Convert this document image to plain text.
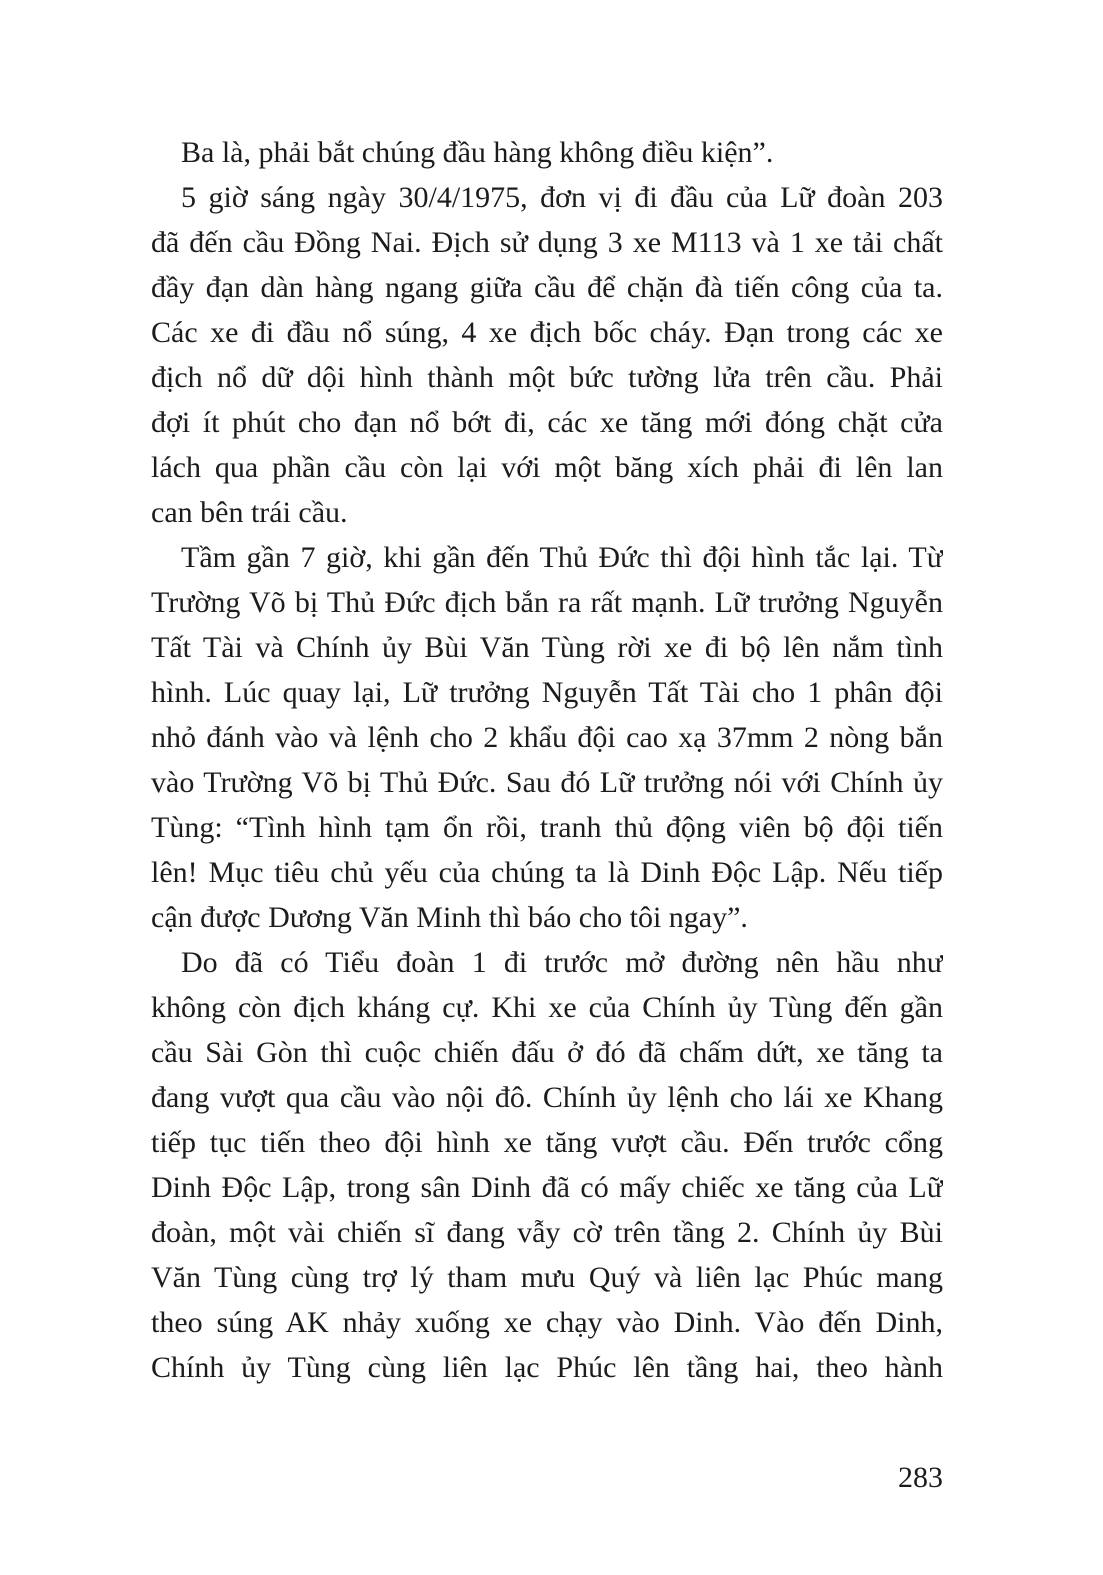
Ba là, phải bắt chúng đầu hàng không điều kiện”.
5 giờ sáng ngày 30/4/1975, đơn vị đi đầu của Lữ đoàn 203
đã đến cầu Đồng Nai. Địch sử dụng 3 xe M113 và 1 xe tải chất
đầy đạn dàn hàng ngang giữa cầu để chặn đà tiến công của ta.
Các xe đi đầu nổ súng, 4 xe địch bốc cháy. Đạn trong các xe
địch nổ dữ dội hình thành một bức tường lửa trên cầu. Phải
đợi ít phút cho đạn nổ bớt đi, các xe tăng mới đóng chặt cửa
lách qua phần cầu còn lại với một băng xích phải đi lên lan
can bên trái cầu.
Tầm gần 7 giờ, khi gần đến Thủ Đức thì đội hình tắc lại. Từ
Trường Võ bị Thủ Đức địch bắn ra rất mạnh. Lữ trưởng Nguyễn
Tất Tài và Chính ủy Bùi Văn Tùng rời xe đi bộ lên nắm tình
hình. Lúc quay lại, Lữ trưởng Nguyễn Tất Tài cho 1 phân đội
nhỏ đánh vào và lệnh cho 2 khẩu đội cao xạ 37mm 2 nòng bắn
vào Trường Võ bị Thủ Đức. Sau đó Lữ trưởng nói với Chính ủy
Tùng: “Tình hình tạm ổn rồi, tranh thủ động viên bộ đội tiến
lên! Mục tiêu chủ yếu của chúng ta là Dinh Độc Lập. Nếu tiếp
cận được Dương Văn Minh thì báo cho tôi ngay”.
Do đã có Tiểu đoàn 1 đi trước mở đường nên hầu như
không còn địch kháng cự. Khi xe của Chính ủy Tùng đến gần
cầu Sài Gòn thì cuộc chiến đấu ở đó đã chấm dứt, xe tăng ta
đang vượt qua cầu vào nội đô. Chính ủy lệnh cho lái xe Khang
tiếp tục tiến theo đội hình xe tăng vượt cầu. Đến trước cổng
Dinh Độc Lập, trong sân Dinh đã có mấy chiếc xe tăng của Lữ
đoàn, một vài chiến sĩ đang vẫy cờ trên tầng 2. Chính ủy Bùi
Văn Tùng cùng trợ lý tham mưu Quý và liên lạc Phúc mang
theo súng AK nhảy xuống xe chạy vào Dinh. Vào đến Dinh,
Chính ủy Tùng cùng liên lạc Phúc lên tầng hai, theo hành
283
